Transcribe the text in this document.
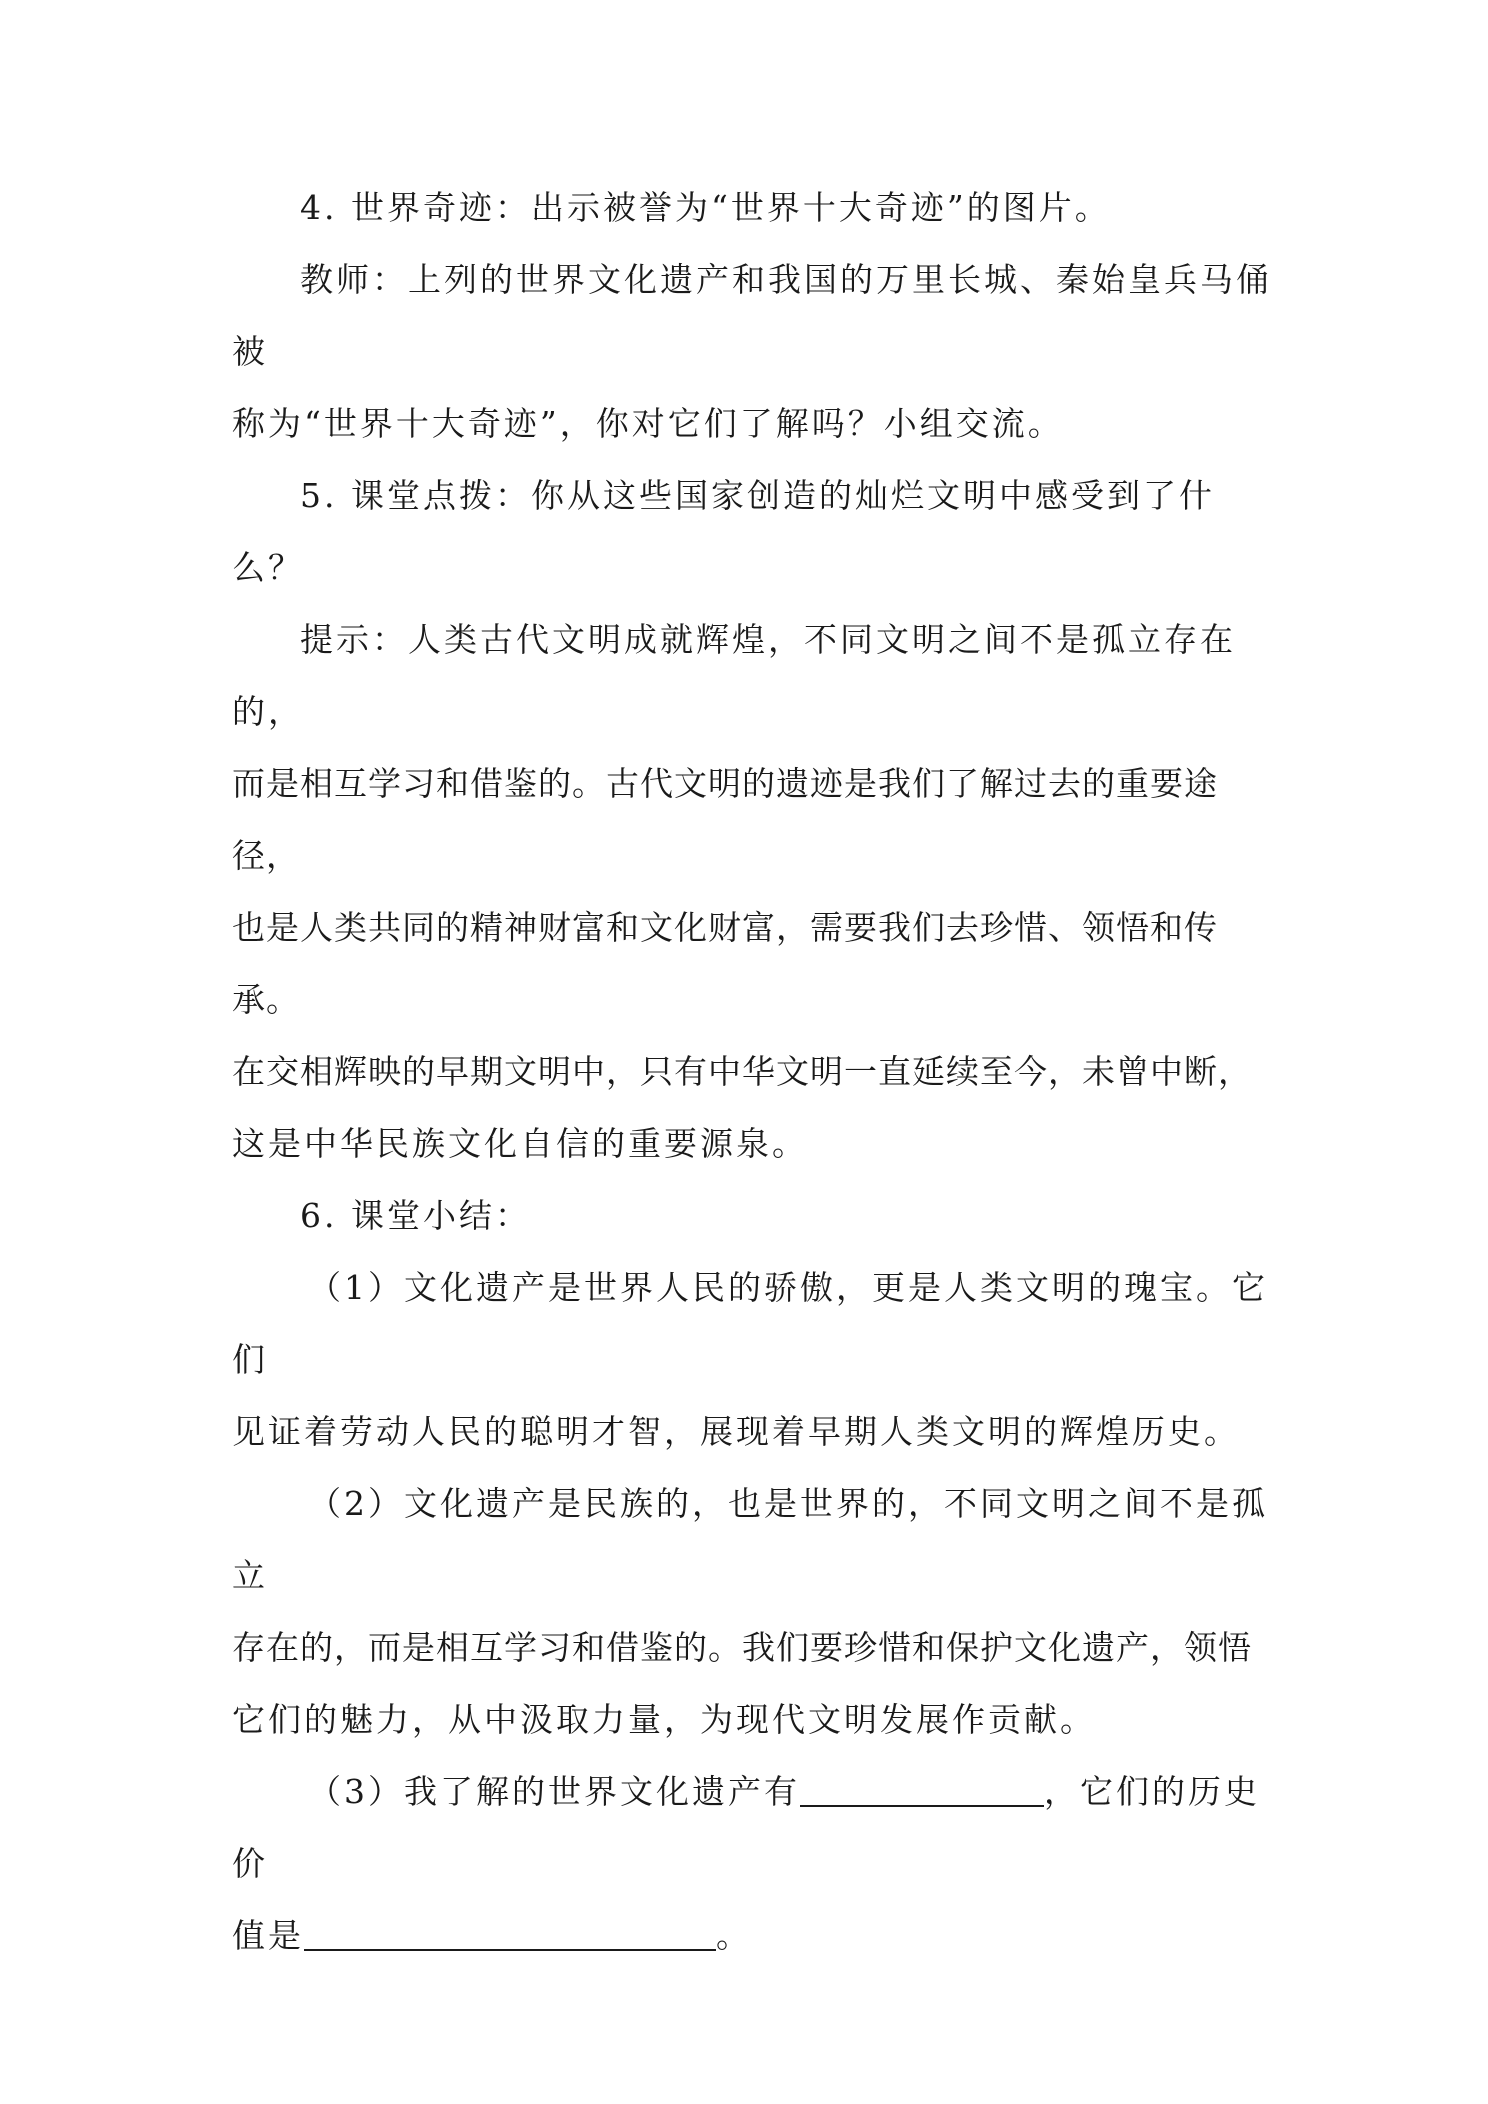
4. 世界奇迹：出示被誉为“世界十大奇迹”的图片。

教师：上列的世界文化遗产和我国的万里长城、秦始皇兵马俑被

称为“世界十大奇迹”，你对它们了解吗？小组交流。

5. 课堂点拨：你从这些国家创造的灿烂文明中感受到了什么？

提示：人类古代文明成就辉煌，不同文明之间不是孤立存在的，

而是相互学习和借鉴的。古代文明的遗迹是我们了解过去的重要途径，

也是人类共同的精神财富和文化财富，需要我们去珍惜、领悟和传承。

在交相辉映的早期文明中，只有中华文明一直延续至今，未曾中断，

这是中华民族文化自信的重要源泉。

6. 课堂小结：

（1）文化遗产是世界人民的骄傲，更是人类文明的瑰宝。它们

见证着劳动人民的聪明才智，展现着早期人类文明的辉煌历史。

（2）文化遗产是民族的，也是世界的，不同文明之间不是孤立

存在的，而是相互学习和借鉴的。我们要珍惜和保护文化遗产，领悟

它们的魅力，从中汲取力量，为现代文明发展作贡献。

（3）我了解的世界文化遗产有	，它们的历史价

值是	。
